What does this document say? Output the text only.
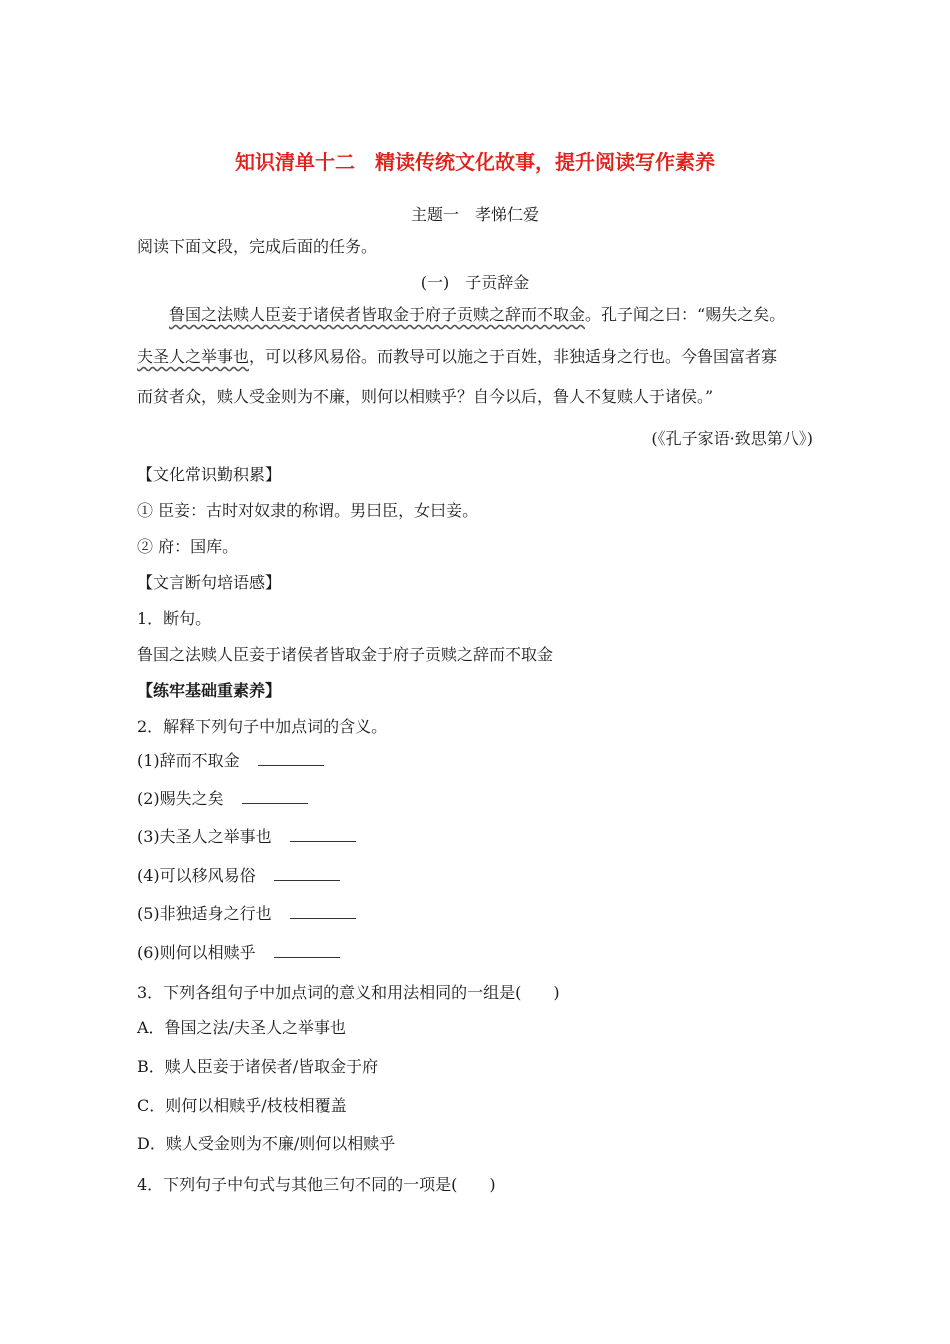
知识清单十二　精读传统文化故事，提升阅读写作素养
主题一　孝悌仁爱
阅读下面文段，完成后面的任务。
(一)　子贡辞金
鲁国之法赎人臣妾于诸侯者皆取金于府子贡赎之辞而不取金。孔子闻之曰：“赐失之矣。
夫圣人之举事也，可以移风易俗。而教导可以施之于百姓，非独适身之行也。今鲁国富者寡
而贫者众，赎人受金则为不廉，则何以相赎乎？自今以后，鲁人不复赎人于诸侯。”
(《孔子家语·致思第八》)
【文化常识勤积累】
① 臣妾：古时对奴隶的称谓。男曰臣，女曰妾。
② 府：国库。
【文言断句培语感】
1．断句。
鲁国之法赎人臣妾于诸侯者皆取金于府子贡赎之辞而不取金
【练牢基础重素养】
2．解释下列句子中加点词的含义。
(1)辞而不取金
(2)赐失之矣
(3)夫圣人之举事也
(4)可以移风易俗
(5)非独适身之行也
(6)则何以相赎乎
3．下列各组句子中加点词的意义和用法相同的一组是(　　)
A．鲁国之法/夫圣人之举事也
B．赎人臣妾于诸侯者/皆取金于府
C．则何以相赎乎/枝枝相覆盖
D．赎人受金则为不廉/则何以相赎乎
4．下列句子中句式与其他三句不同的一项是(　　)
